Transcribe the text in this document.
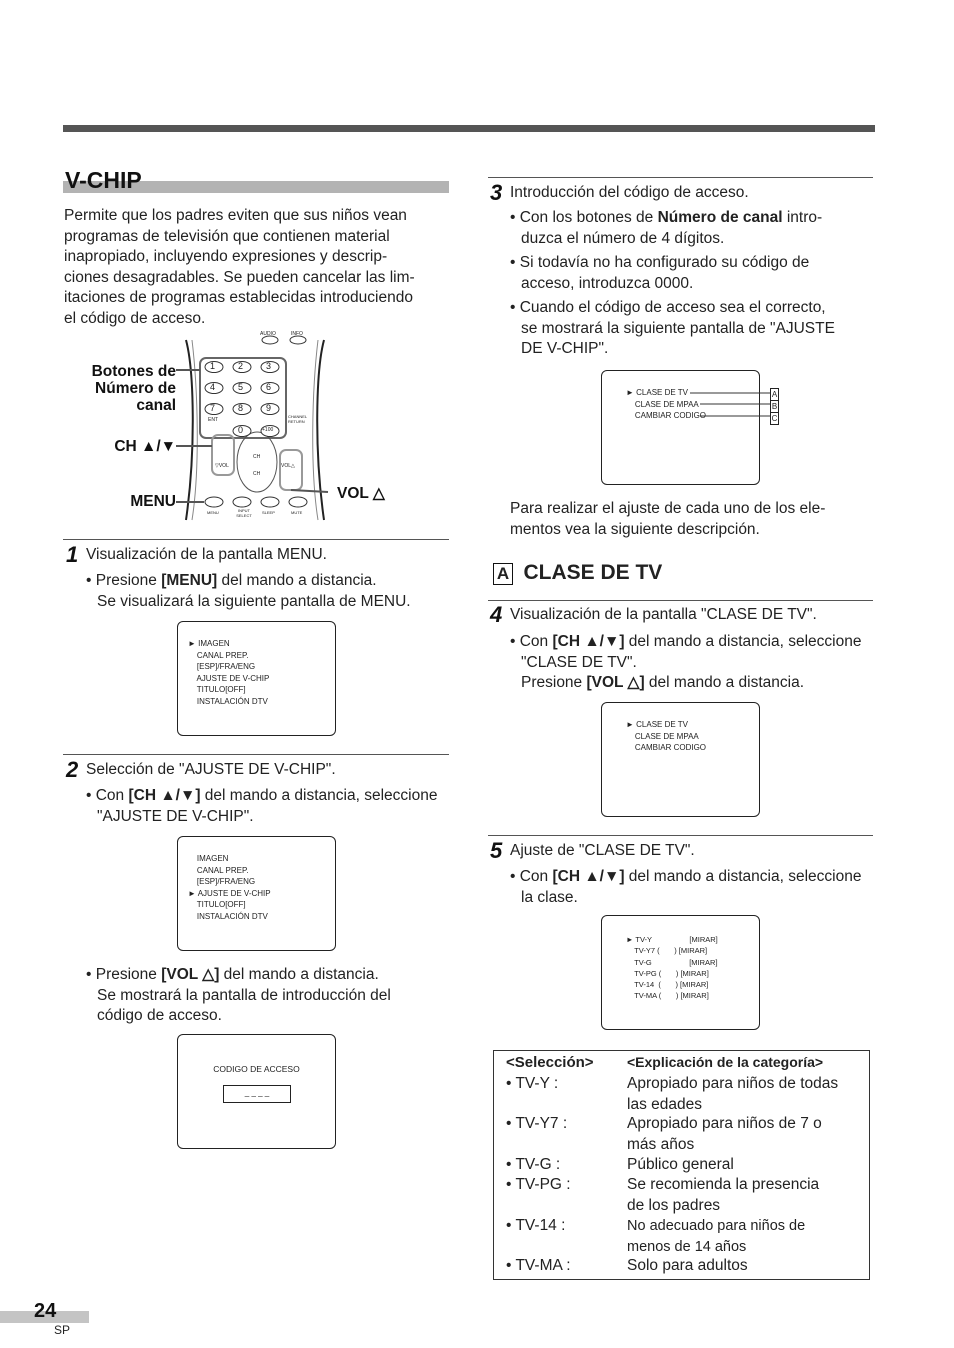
V-CHIP
Permite que los padres eviten que sus niños vean
programas de televisión que contienen material
inapropiado, incluyendo expresiones y descrip-
ciones desagradables. Se pueden cancelar las lim-
itaciones de programas establecidas introduciendo
el código de acceso.
1	2	3
4	5	6
7	8	9
0
AUDIO	INFO
ENT
+100
CHANNEL RETURN
▽VOL	VOL△
CH
CH
MENU	INPUT SELECT
SLEEP	MUTE
Botones de
Número de
canal
CH ▲/▼
MENU	VOL △
1 Visualización de la pantalla MENU.
• Presione [MENU] del mando a distancia.
Se visualizará la siguiente pantalla de MENU.
► IMAGEN
CANAL PREP.
[ESP]/FRA/ENG
AJUSTE DE V-CHIP
TITULO[OFF]
INSTALACIÓN DTV
2 Selección de "AJUSTE DE V-CHIP".
• Con [CH ▲/▼] del mando a distancia, seleccione
"AJUSTE DE V-CHIP".
IMAGEN
CANAL PREP.
[ESP]/FRA/ENG
► AJUSTE DE V-CHIP
TITULO[OFF]
INSTALACIÓN DTV
• Presione [VOL △] del mando a distancia.
Se mostrará la pantalla de introducción del
código de acceso.
CODIGO DE ACCESO
_ _ _ _
3 Introducción del código de acceso.
• Con los botones de Número de canal intro-
duzca el número de 4 dígitos.
• Si todavía no ha configurado su código de
acceso, introduzca 0000.
• Cuando el código de acceso sea el correcto,
se mostrará la siguiente pantalla de "AJUSTE
DE V-CHIP".
► CLASE DE TV
CLASE DE MPAA
CAMBIAR CODIGO
A
B
C
Para realizar el ajuste de cada uno de los ele-
mentos vea la siguiente descripción.
A CLASE DE TV
4 Visualización de la pantalla "CLASE DE TV".
• Con [CH ▲/▼] del mando a distancia, seleccione
"CLASE DE TV".
Presione [VOL △] del mando a distancia.
► CLASE DE TV
CLASE DE MPAA
CAMBIAR CODIGO
5 Ajuste de "CLASE DE TV".
• Con [CH ▲/▼] del mando a distancia, seleccione
la clase.
► TV-Y                  [MIRAR]
TV-Y7 (       ) [MIRAR]
TV-G                  [MIRAR]
TV-PG (       ) [MIRAR]
TV-14  (       ) [MIRAR]
TV-MA (       ) [MIRAR]
<Selección> <Explicación de la categoría>
• TV-Y :	Apropiado para niños de todas
las edades
• TV-Y7 :	Apropiado para niños de 7 o
más años
• TV-G :	Público general
• TV-PG :	Se recomienda la presencia
de los padres
• TV-14 :	No adecuado para niños de
menos de 14 años
• TV-MA :	Solo para adultos
24
SP
